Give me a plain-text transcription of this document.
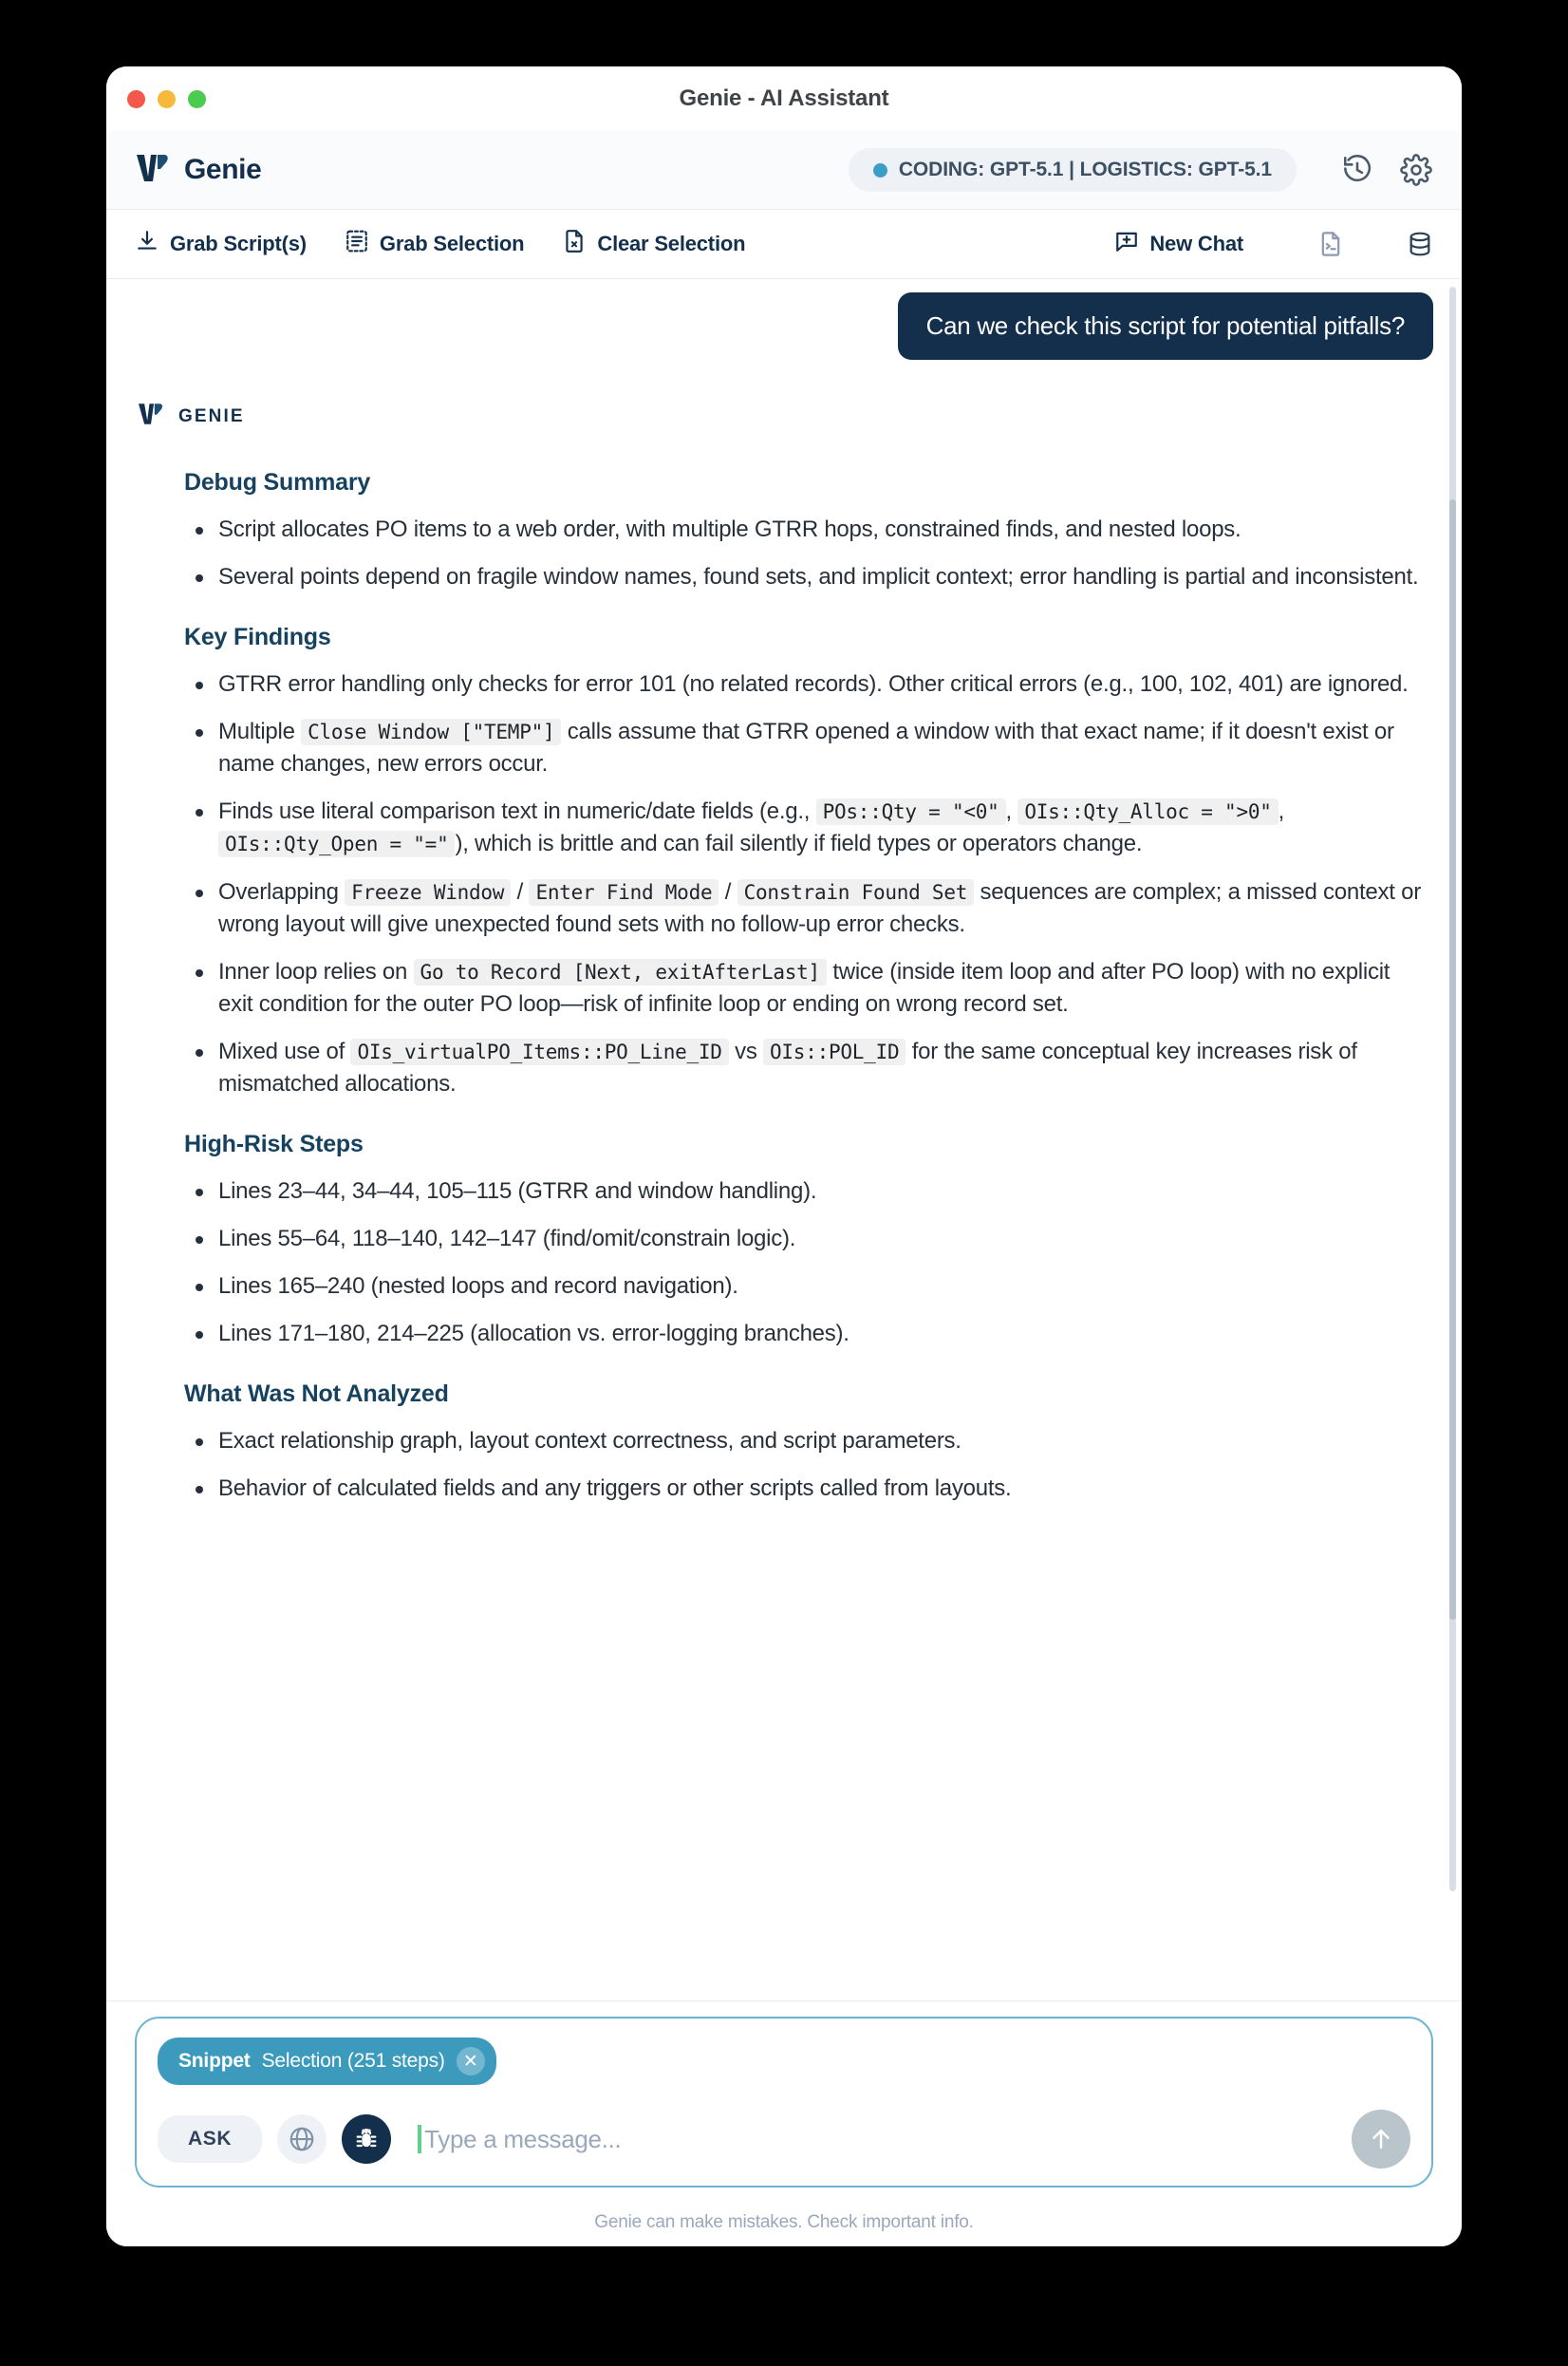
Genie - AI Assistant
Genie	CODING: GPT-5.1 | LOGISTICS: GPT-5.1
Grab Script(s)	Grab Selection	Clear Selection	New Chat
Can we check this script for potential pitfalls?
GENIE
Debug Summary
Script allocates PO items to a web order, with multiple GTRR hops, constrained finds, and nested loops.
Several points depend on fragile window names, found sets, and implicit context; error handling is partial and inconsistent.
Key Findings
GTRR error handling only checks for error 101 (no related records). Other critical errors (e.g., 100, 102, 401) are ignored.
Multiple Close Window ["TEMP"] calls assume that GTRR opened a window with that exact name; if it doesn't exist or name changes, new errors occur.
Finds use literal comparison text in numeric/date fields (e.g., POs::Qty = "<0" , OIs::Qty_Alloc = ">0" , OIs::Qty_Open = "=" ), which is brittle and can fail silently if field types or operators change.
Overlapping Freeze Window / Enter Find Mode / Constrain Found Set sequences are complex; a missed context or wrong layout will give unexpected found sets with no follow-up error checks.
Inner loop relies on Go to Record [Next, exitAfterLast] twice (inside item loop and after PO loop) with no explicit exit condition for the outer PO loop—risk of infinite loop or ending on wrong record set.
Mixed use of OIs_virtualPO_Items::PO_Line_ID vs OIs::POL_ID for the same conceptual key increases risk of mismatched allocations.
High-Risk Steps
Lines 23–44, 34–44, 105–115 (GTRR and window handling).
Lines 55–64, 118–140, 142–147 (find/omit/constrain logic).
Lines 165–240 (nested loops and record navigation).
Lines 171–180, 214–225 (allocation vs. error-logging branches).
What Was Not Analyzed
Exact relationship graph, layout context correctness, and script parameters.
Behavior of calculated fields and any triggers or other scripts called from layouts.
Snippet Selection (251 steps)	✕
ASK	Type a message...
Genie can make mistakes. Check important info.
